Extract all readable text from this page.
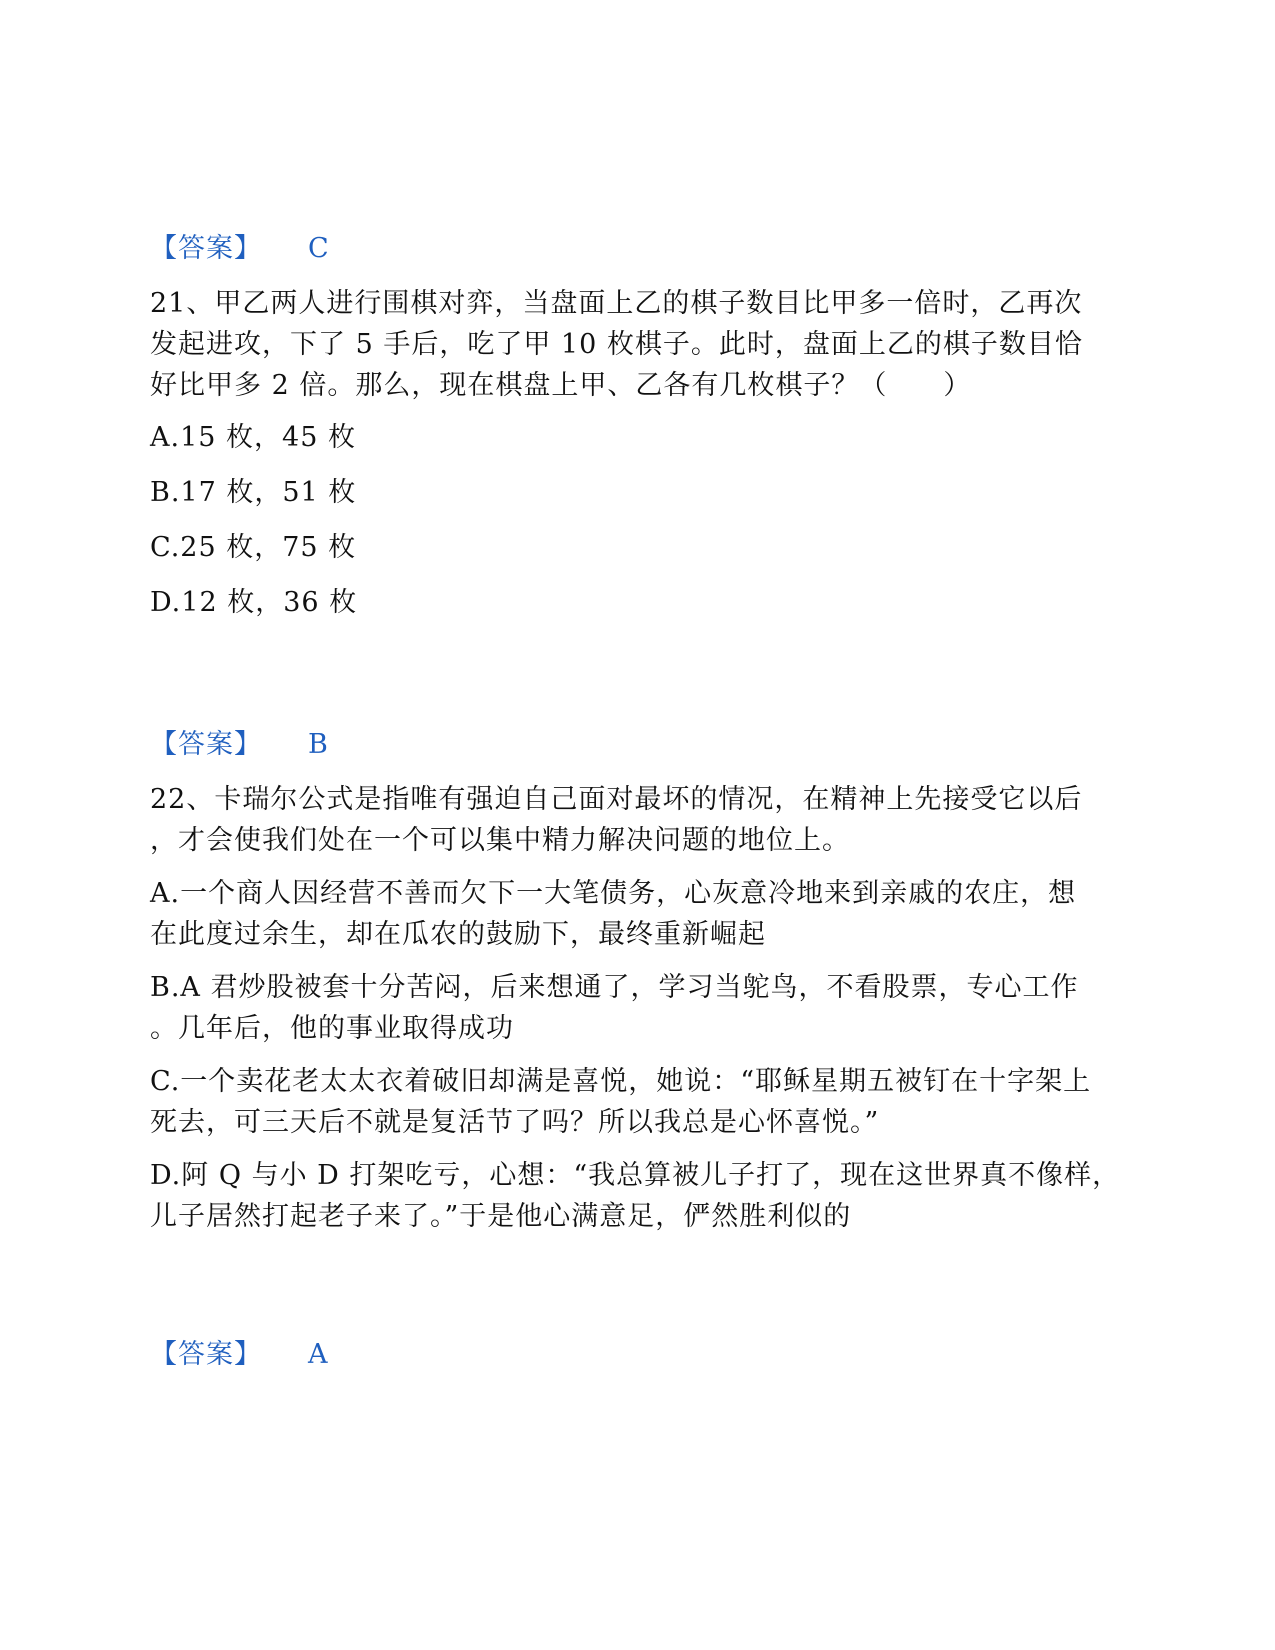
【答案】 C
21、甲乙两人进行围棋对弈，当盘面上乙的棋子数目比甲多一倍时，乙再次
发起进攻，下了 5 手后，吃了甲 10 枚棋子。此时，盘面上乙的棋子数目恰
好比甲多 2 倍。那么，现在棋盘上甲、乙各有几枚棋子？（　　）
A.15 枚，45 枚
B.17 枚，51 枚
C.25 枚，75 枚
D.12 枚，36 枚
【答案】 B
22、卡瑞尔公式是指唯有强迫自己面对最坏的情况，在精神上先接受它以后
，才会使我们处在一个可以集中精力解决问题的地位上。
A.一个商人因经营不善而欠下一大笔债务，心灰意冷地来到亲戚的农庄，想
在此度过余生，却在瓜农的鼓励下，最终重新崛起
B.A 君炒股被套十分苦闷，后来想通了，学习当鸵鸟，不看股票，专心工作
。几年后，他的事业取得成功
C.一个卖花老太太衣着破旧却满是喜悦，她说：“耶稣星期五被钉在十字架上
死去，可三天后不就是复活节了吗？所以我总是心怀喜悦。”
D.阿 Q 与小 D 打架吃亏，心想：“我总算被儿子打了，现在这世界真不像样，
儿子居然打起老子来了。”于是他心满意足，俨然胜利似的
【答案】 A
